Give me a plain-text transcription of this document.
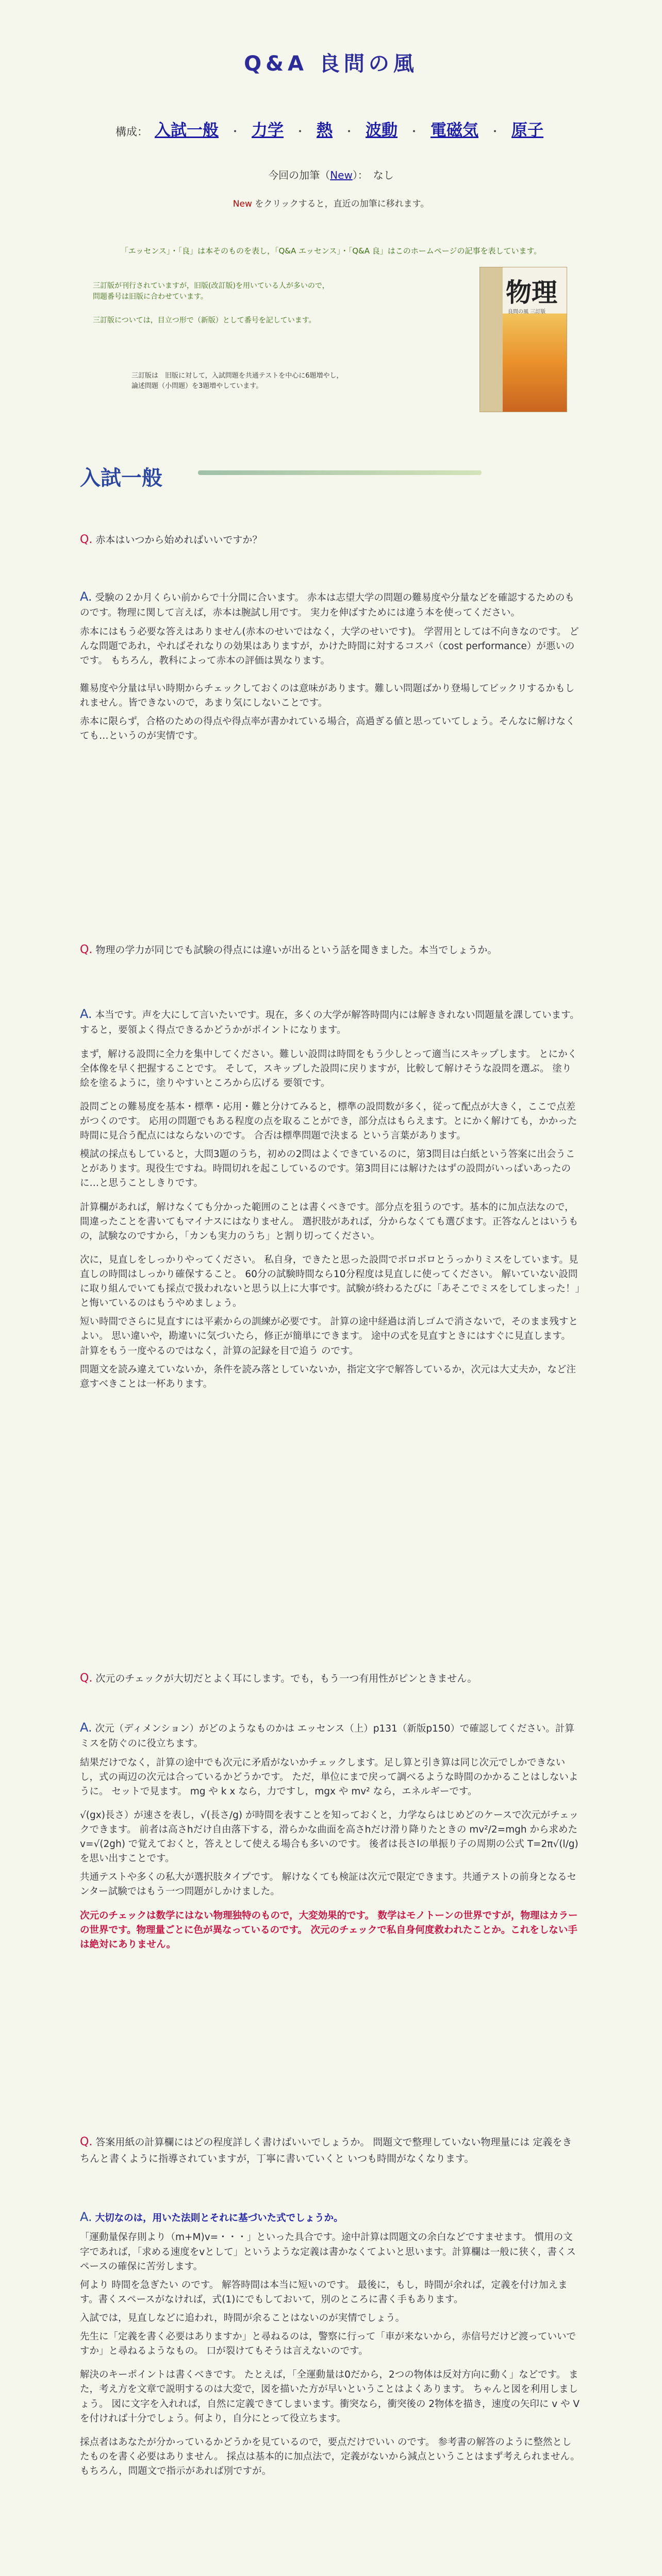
Q&A 良問の風
構成： 入試一般 ・ 力学 ・ 熱 ・ 波動 ・ 電磁気 ・ 原子
今回の加筆（New）：　なし
New をクリックすると，直近の加筆に移れます。
「エッセンス」・「良」は本そのものを表し，「Q&A エッセンス」・「Q&A 良」はこのホームページの記事を表しています。
三訂版が刊行されていますが，旧版(改訂版)を用いている人が多いので，
問題番号は旧版に合わせています。
三訂版については，目立つ形で（新版）として番号を記しています。
三訂版は　旧版に対して，入試問題を共通テストを中心に6題増やし，
論述問題（小問題）を3題増やしています。
物理
良問の風 三訂版
入試一般
Q. 赤本はいつから始めればいいですか？

A. 受験の２か月くらい前からで十分間に合います。 赤本は志望大学の問題の難易度や分量などを確認するためのものです。物理に関して言えば，赤本は腕試し用です。 実力を伸ばすためには違う本を使ってください。

赤本にはもう必要な答えはありません(赤本のせいではなく，大学のせいです)。 学習用としては不向きなのです。 どんな問題であれ，やればそれなりの効果はありますが，かけた時間に対するコスパ（cost performance）が悪いのです。 もちろん，教科によって赤本の評価は異なります。

難易度や分量は早い時期からチェックしておくのは意味があります。難しい問題ばかり登場してビックリするかもしれません。皆できないので，あまり気にしないことです。

赤本に限らず，合格のための得点や得点率が書かれている場合，高過ぎる値と思っていてしょう。そんなに解けなくても…というのが実情です。

Q. 物理の学力が同じでも試験の得点には違いが出るという話を聞きました。本当でしょうか。

A. 本当です。声を大にして言いたいです。現在，多くの大学が解答時間内には解ききれない問題量を課しています。すると，要領よく得点できるかどうかがポイントになります。

まず，解ける設問に全力を集中してください。難しい設問は時間をもう少しとって適当にスキップします。 とにかく全体像を早く把握することです。 そして，スキップした設問に戻りますが，比較して解けそうな設問を選ぶ。 塗り絵を塗るように，塗りやすいところから広げる 要領です。

設問ごとの難易度を基本・標準・応用・難と分けてみると，標準の設問数が多く，従って配点が大きく，ここで点差がつくのです。 応用の問題でもある程度の点を取ることができ，部分点はもらえます。とにかく解けても，かかった時間に見合う配点にはならないのです。 合否は標準問題で決まる という言葉があります。

模試の採点もしていると，大問3題のうち，初めの2問はよくできているのに，第3問目は白紙という答案に出会うことがあります。現役生ですね。時間切れを起こしているのです。第3問目には解けたはずの設問がいっぱいあったのに…と思うことしきりです。

計算欄があれば，解けなくても分かった範囲のことは書くべきです。部分点を狙うのです。基本的に加点法なので，間違ったことを書いてもマイナスにはなりません。 選択肢があれば，分からなくても選びます。正答なんとはいうもの，試験なのですから，「カンも実力のうち」と割り切ってください。

次に，見直しをしっかりやってください。 私自身，できたと思った設問でボロボロとうっかりミスをしています。見直しの時間はしっかり確保すること。 60分の試験時間なら10分程度は見直しに使ってください。 解いていない設問に取り組んでいても採点で扱われないと思う以上に大事です。試験が終わるたびに「あそこでミスをしてしまった！」と悔いているのはもうやめましょう。

短い時間でさらに見直すには平素からの訓練が必要です。 計算の途中経過は消しゴムで消さないで，そのまま残すとよい。 思い違いや，勘違いに気づいたら，修正が簡単にできます。 途中の式を見直すときにはすぐに見直します。 計算をもう一度やるのではなく，計算の記録を目で追う のです。

問題文を読み違えていないか，条件を読み落としていないか，指定文字で解答しているか，次元は大丈夫か，など注意すべきことは一杯あります。

Q. 次元のチェックが大切だとよく耳にします。でも，もう一つ有用性がピンときません。

A. 次元（ディメンション）がどのようなものかは エッセンス（上）p131（新版p150）で確認してください。計算ミスを防ぐのに役立ちます。

結果だけでなく，計算の途中でも次元に矛盾がないかチェックします。足し算と引き算は同じ次元でしかできないし，式の両辺の次元は合っているかどうかです。 ただ，単位にまで戻って調べるような時間のかかることはしないように。 セットで見ます。 mg や k x なら，力ですし，mgx や mv² なら，エネルギーです。

√(gx)長さ）が速さを表し，√(長さ/g) が時間を表すことを知っておくと，力学ならはじめどのケースで次元がチェックできます。 前者は高さhだけ自由落下する，滑らかな曲面を高さhだけ滑り降りたときの mv²/2=mgh から求めた v=√(2gh) で覚えておくと，答えとして使える場合も多いのです。 後者は長さlの単振り子の周期の公式 T=2π√(l/g) を思い出すことです。

共通テストや多くの私大が選択肢タイプです。 解けなくても検証は次元で限定できます。共通テストの前身となるセンター試験ではもう一つ問題がしかけました。

次元のチェックは数学にはない物理独特のもので，大変効果的です。 数学はモノトーンの世界ですが，物理はカラーの世界です。物理量ごとに色が異なっているのです。 次元のチェックで私自身何度救われたことか。これをしない手は絶対にありません。

Q. 答案用紙の計算欄にはどの程度詳しく書けばいいでしょうか。 問題文で整理していない物理量には 定義をきちんと書くように指導されていますが，丁寧に書いていくと いつも時間がなくなります。

A. 大切なのは，用いた法則とそれに基づいた式でしょうか。

「運動量保存則より（m+M)v=・・・」といった具合です。途中計算は問題文の余白などですませます。 慣用の文字であれば，「求める速度をvとして」というような定義は書かなくてよいと思います。計算欄は一般に狭く，書くスペースの確保に苦労します。

何より 時間を急ぎたい のです。 解答時間は本当に短いのです。 最後に，もし，時間が余れば，定義を付け加えます。書くスペースがなければ，式(1)にでもしておいて，別のところに書く手もあります。

入試では，見直しなどに追われ，時間が余ることはないのが実情でしょう。

先生に「定義を書く必要はありますか」と尋ねるのは，警察に行って「車が来ないから，赤信号だけど渡っていいですか」と尋ねるようなもの。 口が裂けてもそうは言えないのです。

解決のキーポイントは書くべきです。 たとえば，「全運動量は0だから，2つの物体は反対方向に動く」などです。 また，考え方を文章で説明するのは大変で，図を描いた方が早いということはよくあります。 ちゃんと図を利用しましょう。 図に文字を入れれば，自然に定義できてしまいます。衝突なら，衝突後の 2物体を描き，速度の矢印に v や V を付ければ十分でしょう。何より，自分にとって役立ちます。

採点者はあなたが分かっているかどうかを見ているので，要点だけでいい のです。 参考書の解答のように整然としたものを書く必要はありません。 採点は基本的に加点法で，定義がないから減点ということはまず考えられません。もちろん，問題文で指示があれば別ですが。
